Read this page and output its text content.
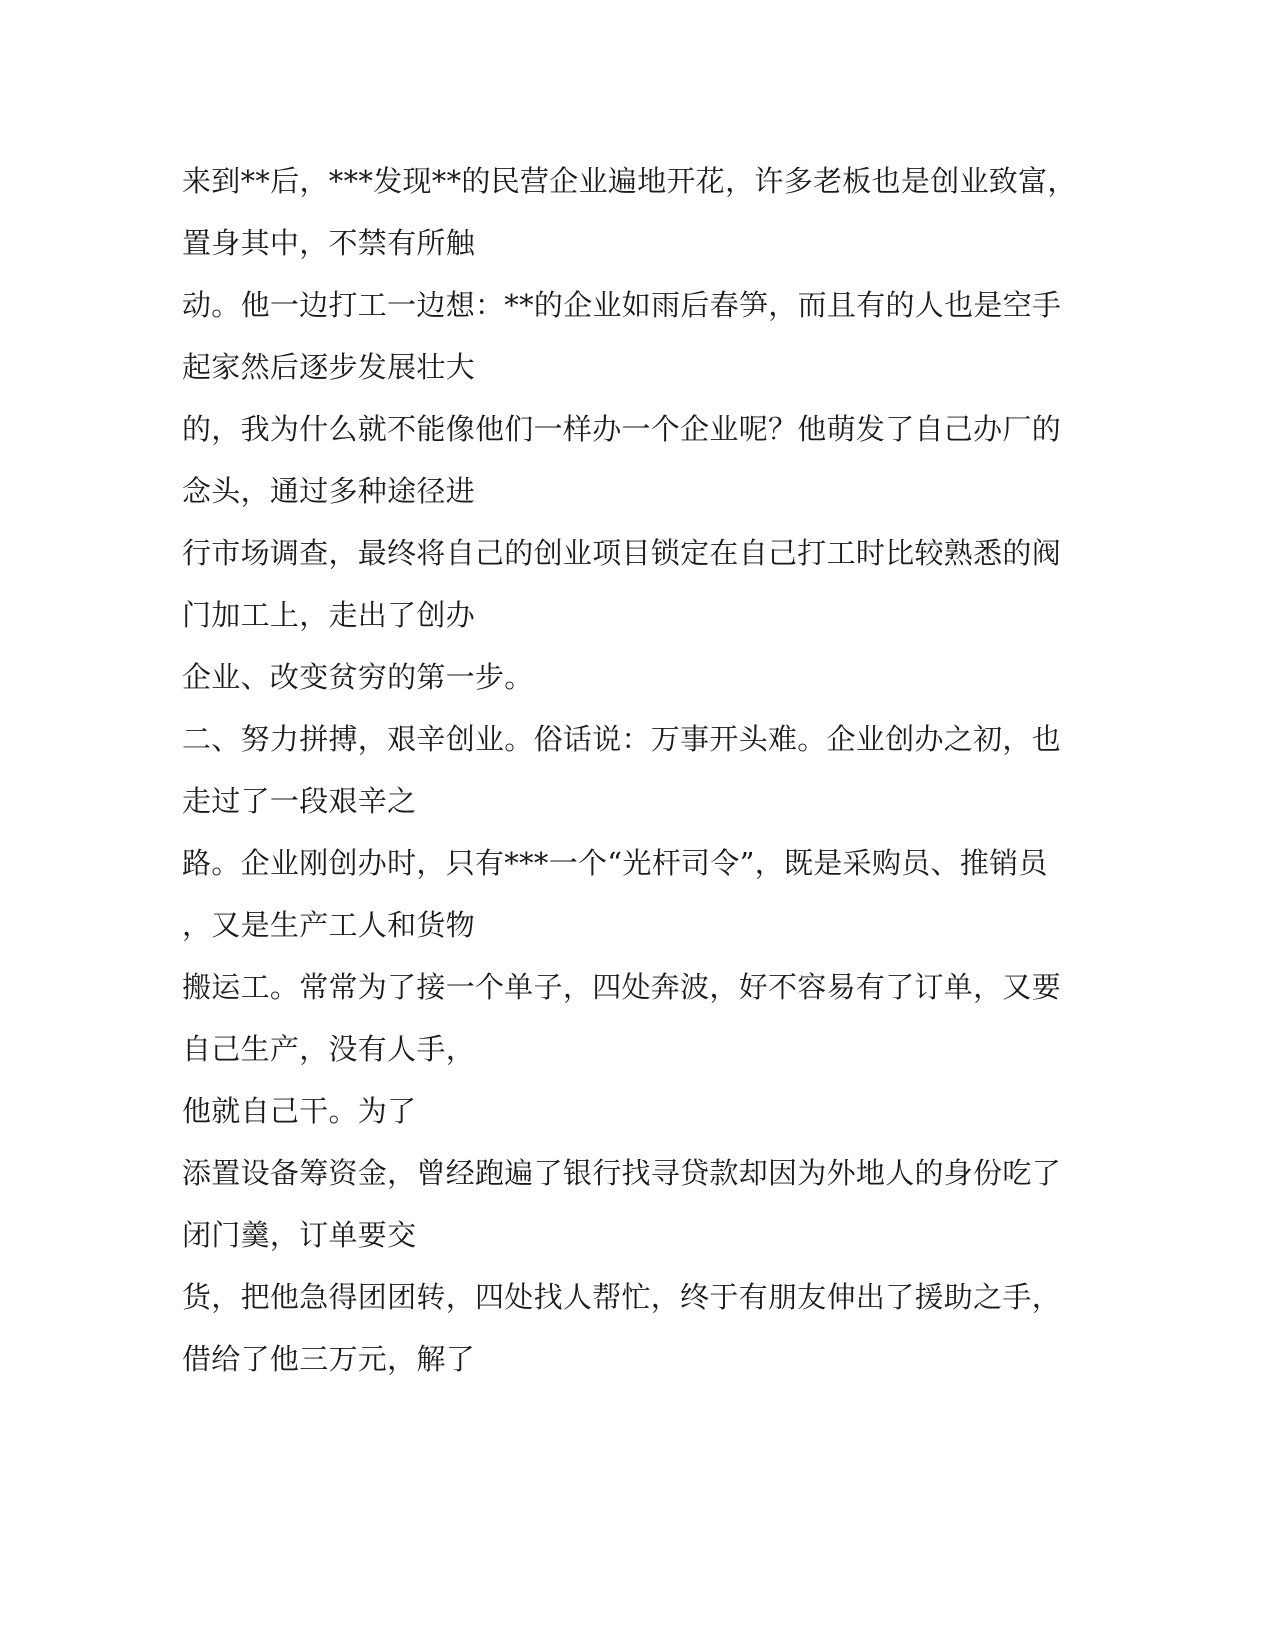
来到**后，***发现**的民营企业遍地开花，许多老板也是创业致富，
置身其中，不禁有所触
动。他一边打工一边想：**的企业如雨后春笋，而且有的人也是空手
起家然后逐步发展壮大
的，我为什么就不能像他们一样办一个企业呢？他萌发了自己办厂的
念头，通过多种途径进
行市场调查，最终将自己的创业项目锁定在自己打工时比较熟悉的阀
门加工上，走出了创办
企业、改变贫穷的第一步。
二、努力拼搏，艰辛创业。俗话说：万事开头难。企业创办之初，也
走过了一段艰辛之
路。企业刚创办时，只有***一个“光杆司令”，既是采购员、推销员
，又是生产工人和货物
搬运工。常常为了接一个单子，四处奔波，好不容易有了订单，又要
自己生产，没有人手，
他就自己干。为了
添置设备筹资金，曾经跑遍了银行找寻贷款却因为外地人的身份吃了
闭门羹，订单要交
货，把他急得团团转，四处找人帮忙，终于有朋友伸出了援助之手，
借给了他三万元，解了
